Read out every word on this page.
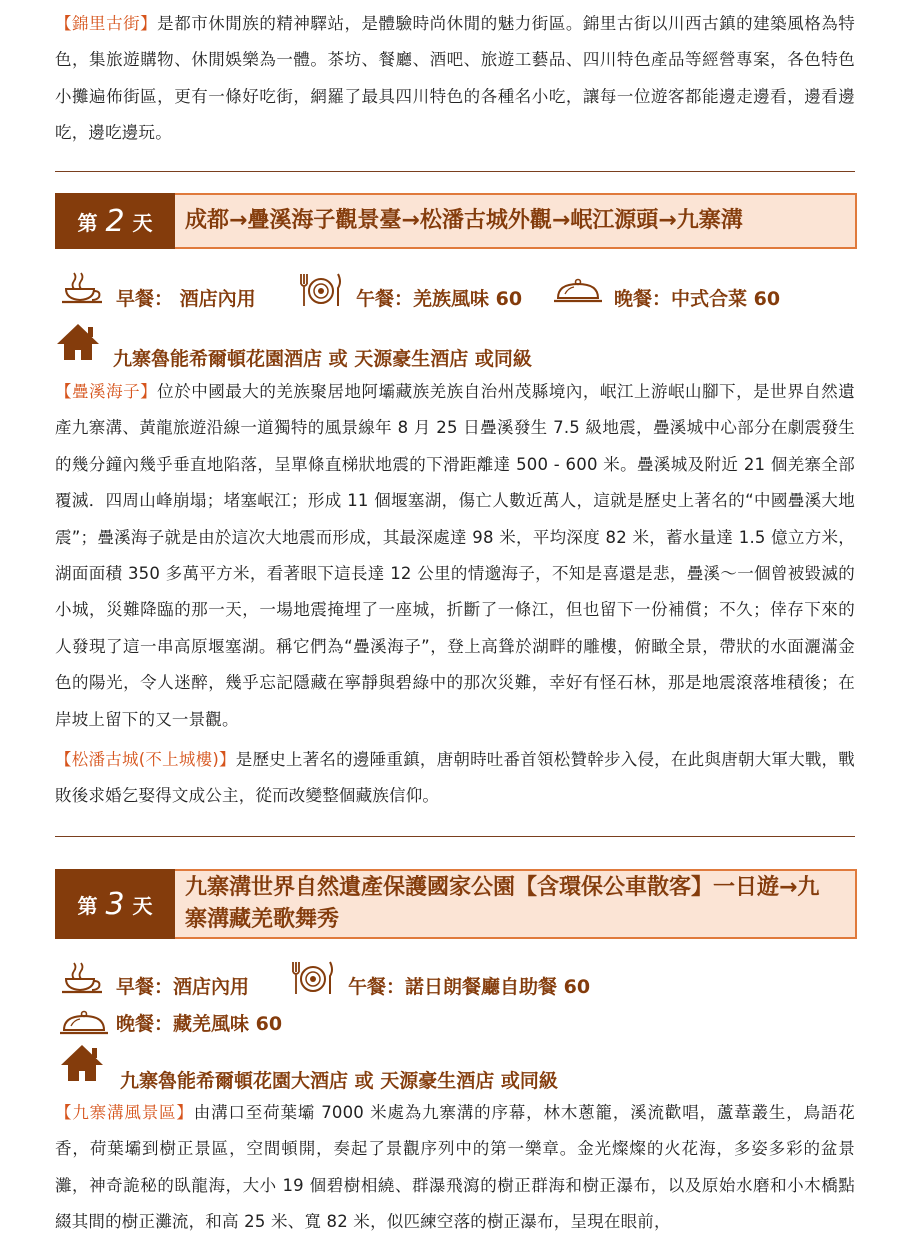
【錦里古街】是都市休閒族的精神驛站，是體驗時尚休閒的魅力街區。錦里古街以川西古鎮的建築風格為特色，集旅遊購物、休閒娛樂為一體。茶坊、餐廳、酒吧、旅遊工藝品、四川特色產品等經營專案，各色特色小攤遍佈街區，更有一條好吃街，網羅了最具四川特色的各種名小吃，讓每一位遊客都能邊走邊看，邊看邊吃，邊吃邊玩。

第 2 天	成都→疊溪海子觀景臺→松潘古城外觀→岷江源頭→九寨溝
早餐： 酒店內用	午餐：羌族風味 60	晚餐：中式合菜 60
九寨魯能希爾頓花園酒店 或 天源豪生酒店 或同級

【疊溪海子】位於中國最大的羌族聚居地阿壩藏族羌族自治州茂縣境內，岷江上游岷山腳下，是世界自然遺產九寨溝、黃龍旅遊沿線一道獨特的風景線年 8 月 25 日疊溪發生 7.5 級地震，疊溪城中心部分在劇震發生的幾分鐘內幾乎垂直地陷落，呈單條直梯狀地震的下滑距離達 500 - 600 米。疊溪城及附近 21 個羌寨全部覆滅．四周山峰崩塌；堵塞岷江；形成 11 個堰塞湖，傷亡人數近萬人，這就是歷史上著名的“中國疊溪大地震”；疊溪海子就是由於這次大地震而形成，其最深處達 98 米，平均深度 82 米，蓄水量達 1.5 億立方米，湖面面積 350 多萬平方米，看著眼下這長達 12 公里的情邈海子，不知是喜還是悲，疊溪～一個曾被毀滅的小城，災難降臨的那一天，一場地震掩埋了一座城，折斷了一條江，但也留下一份補償；不久；倖存下來的人發現了這一串高原堰塞湖。稱它們為“疊溪海子”，登上高聳於湖畔的雕樓，俯瞰全景，帶狀的水面灑滿金色的陽光，令人迷醉，幾乎忘記隱藏在寧靜與碧綠中的那次災難，幸好有怪石林，那是地震滾落堆積後；在岸坡上留下的又一景觀。

【松潘古城(不上城樓)】是歷史上著名的邊陲重鎮，唐朝時吐番首領松贊幹步入侵，在此與唐朝大軍大戰，戰敗後求婚乞娶得文成公主，從而改變整個藏族信仰。

第 3 天
九寨溝世界自然遺產保護國家公園【含環保公車散客】一日遊→九寨溝藏羌歌舞秀
早餐：酒店內用	午餐：諾日朗餐廳自助餐 60
晚餐：藏羌風味 60
九寨魯能希爾頓花園大酒店 或 天源豪生酒店 或同級

【九寨溝風景區】由溝口至荷葉壩 7000 米處為九寨溝的序幕，林木蔥籠，溪流歡唱，蘆葦叢生，鳥語花香，荷葉壩到樹正景區，空間頓開，奏起了景觀序列中的第一樂章。金光燦燦的火花海，多姿多彩的盆景灘，神奇詭秘的臥龍海，大小 19 個碧樹相繞、群瀑飛瀉的樹正群海和樹正瀑布，以及原始水磨和小木橋點綴其間的樹正灘流，和高 25 米、寬 82 米，似匹練空落的樹正瀑布，呈現在眼前，
